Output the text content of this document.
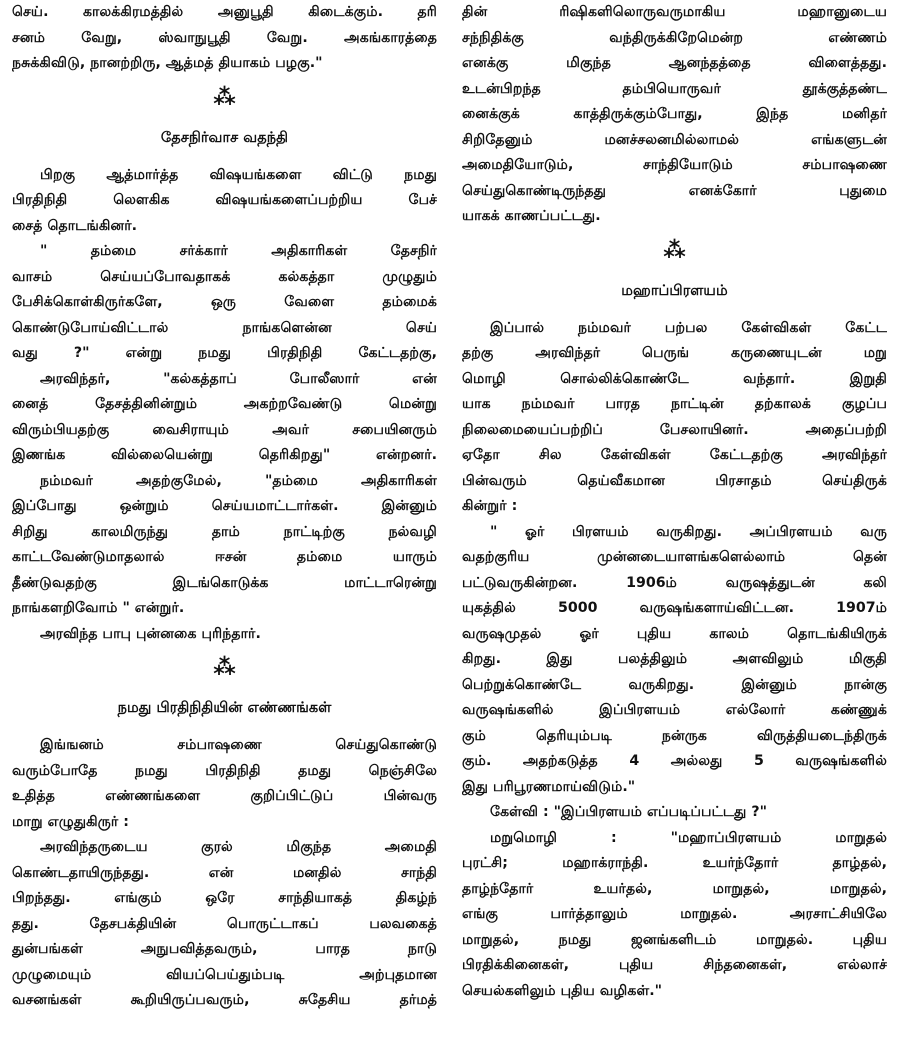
செய். காலக்கிரமத்தில் அனுபூதி கிடைக்கும். தரி
சனம் வேறு, ஸ்வாநுபூதி வேறு. அகங்காரத்தை
நசுக்கிவிடு, நானற்றிரு, ஆத்மத் தியாகம் பழகு."
⁂
தேசநிர்வாச வதந்தி
பிறகு ஆத்மார்த்த விஷயங்களை விட்டு நமது
பிரதிநிதி லௌகிக விஷயங்களைப்பற்றிய பேச்
சைத் தொடங்கினர்.
" தம்மை சர்க்கார் அதிகாரிகள் தேசநிர்
வாசம் செய்யப்போவதாகக் கல்கத்தா முழுதும்
பேசிக்கொள்கிருர்களே, ஒரு வேளை தம்மைக்
கொண்டுபோய்விட்டால் நாங்களென்ன செய்
வது ?" என்று நமது பிரதிநிதி கேட்டதற்கு,
அரவிந்தர், "கல்கத்தாப் போலீஸார் என்
னைத் தேசத்தினின்றும் அகற்றவேண்டு மென்று
விரும்பியதற்கு வைசிராயும் அவர் சபையினரும்
இணங்க வில்லையென்று தெரிகிறது" என்றனர்.
நம்மவர் அதற்குமேல், "தம்மை அதிகாரிகள்
இப்போது ஒன்றும் செய்யமாட்டார்கள். இன்னும்
சிறிது காலமிருந்து தாம் நாட்டிற்கு நல்வழி
காட்டவேண்டுமாதலால் ஈசன் தம்மை யாரும்
தீண்டுவதற்கு இடங்கொடுக்க மாட்டாரென்று
நாங்களறிவோம் " என்றுர்.
அரவிந்த பாபு புன்னகை புரிந்தார்.
⁂
நமது பிரதிநிதியின் எண்ணங்கள்
இங்ஙனம் சம்பாஷணை செய்துகொண்டு
வரும்போதே நமது பிரதிநிதி தமது நெஞ்சிலே
உதித்த எண்ணங்களை குறிப்பிட்டுப் பின்வரு
மாறு எழுதுகிருர் :
அரவிந்தருடைய குரல் மிகுந்த அமைதி
கொண்டதாயிருந்தது. என் மனதில் சாந்தி
பிறந்தது. எங்கும் ஒரே சாந்தியாகத் திகழ்ந்
தது. தேசபக்தியின் பொருட்டாகப் பலவகைத்
துன்பங்கள் அநுபவித்தவரும், பாரத நாடு
முழுமையும் வியப்பெய்தும்படி அற்புதமான
வசனங்கள் கூறியிருப்பவரும், சுதேசிய தர்மத்
தின் ரிஷிகளிலொருவருமாகிய மஹானுடைய
சந்நிதிக்கு வந்திருக்கிறேமென்ற எண்ணம்
எனக்கு மிகுந்த ஆனந்தத்தை விளைத்தது.
உடன்பிறந்த தம்பியொருவர் தூக்குத்தண்ட
னைக்குக் காத்திருக்கும்போது, இந்த மனிதர்
சிறிதேனும் மனச்சலனமில்லாமல் எங்களுடன்
அமைதியோடும், சாந்தியோடும் சம்பாஷணை
செய்துகொண்டிருந்தது எனக்கோர் புதுமை
யாகக் காணப்பட்டது.
⁂
மஹாப்பிரளயம்
இப்பால் நம்மவர் பற்பல கேள்விகள் கேட்ட
தற்கு அரவிந்தர் பெருங் கருணையுடன் மறு
மொழி சொல்லிக்கொண்டே வந்தார். இறுதி
யாக நம்மவர் பாரத நாட்டின் தற்காலக் குழப்ப
நிலைமையைப்பற்றிப் பேசலாயினர். அதைப்பற்றி
ஏதோ சில கேள்விகள் கேட்டதற்கு அரவிந்தர்
பின்வரும் தெய்வீகமான பிரசாதம் செய்திருக்
கின்றுர் :
" ஓர் பிரளயம் வருகிறது. அப்பிரளயம் வரு
வதற்குரிய முன்னடையாளங்களெல்லாம் தென்
பட்டுவருகின்றன. 1906ம் வருஷத்துடன் கலி
யுகத்தில் 5000 வருஷங்களாய்விட்டன. 1907ம்
வருஷமுதல் ஓர் புதிய காலம் தொடங்கியிருக்
கிறது. இது பலத்திலும் அளவிலும் மிகுதி
பெற்றுக்கொண்டே வருகிறது. இன்னும் நான்கு
வருஷங்களில் இப்பிரளயம் எல்லோர் கண்ணுக்
கும் தெரியும்படி நன்ருக விருத்தியடைந்திருக்
கும். அதற்கடுத்த 4 அல்லது 5 வருஷங்களில்
இது பரிபூரணமாய்விடும்."
கேள்வி : "இப்பிரளயம் எப்படிப்பட்டது ?"
மறுமொழி : "மஹாப்பிரளயம் மாறுதல்
புரட்சி; மஹாக்ராந்தி. உயர்ந்தோர் தாழ்தல்,
தாழ்ந்தோர் உயர்தல், மாறுதல், மாறுதல்,
எங்கு பார்த்தாலும் மாறுதல். அரசாட்சியிலே
மாறுதல், நமது ஜனங்களிடம் மாறுதல். புதிய
பிரதிக்கினைகள், புதிய சிந்தனைகள், எல்லாச்
செயல்களிலும் புதிய வழிகள்."
